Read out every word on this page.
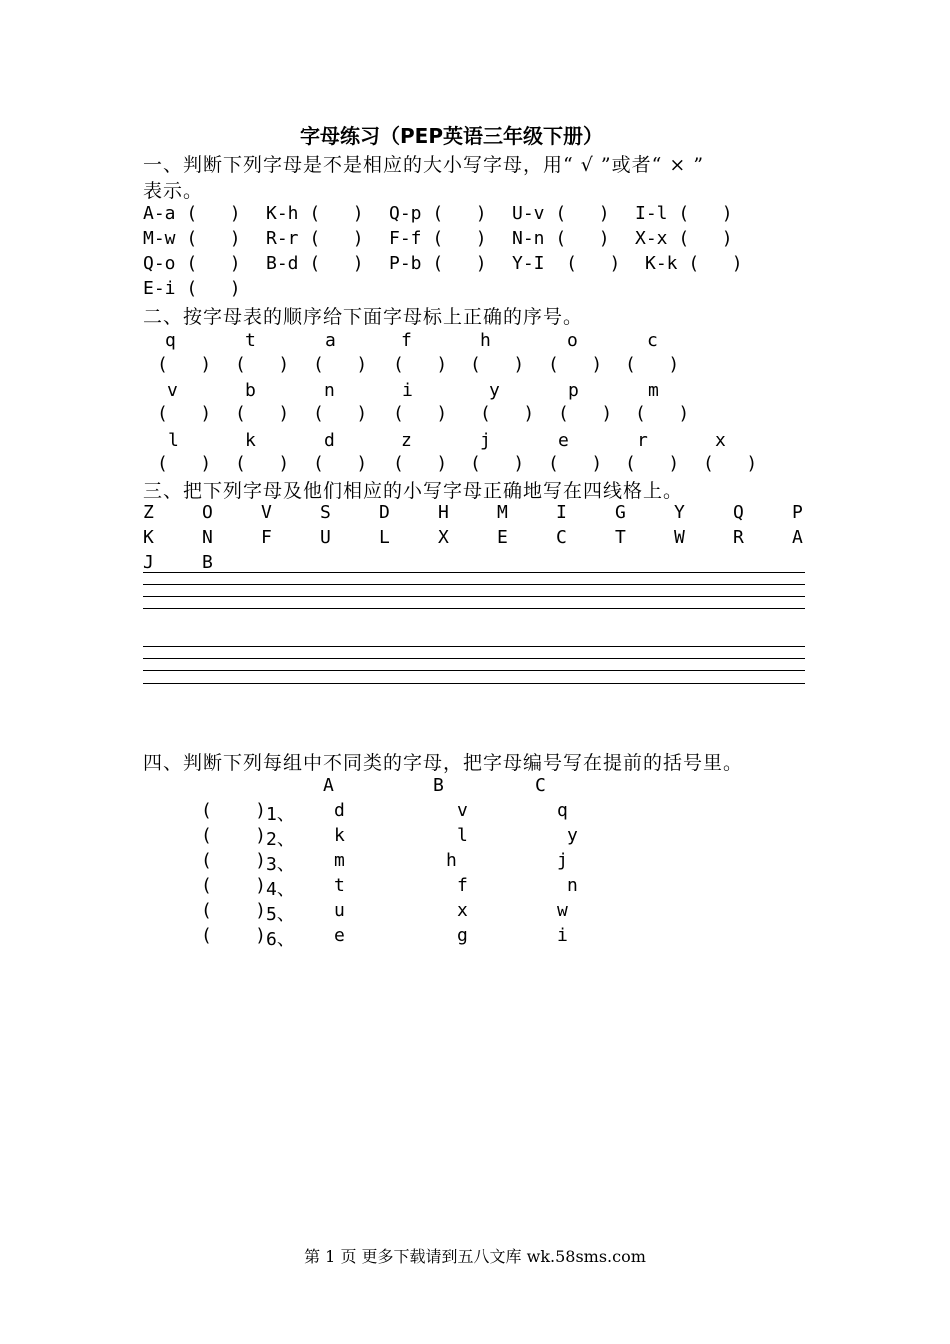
字母练习（PEP英语三年级下册）
一、判断下列字母是不是相应的大小写字母，用“ √ ”或者“ × ”
表示。
A-a (   ) K-h (   ) Q-p (   ) U-v (   ) I-l (   )
M-w (   ) R-r (   ) F-f (   ) N-n (   ) X-x (   )
Q-o (   ) B-d (   ) P-b (   ) Y-I  (   ) K-k (   )
E-i (   )
二、按字母表的顺序给下面字母标上正确的序号。
q	t	a	f	h	o	c
(   ) (   ) (   ) (   ) (   ) (   ) (   )
v	b	n	i	y	p	m
(   ) (   ) (   ) (   ) (   ) (   ) (   )
l	k	d	z	j	e	r	x
(   ) (   ) (   ) (   ) (   ) (   ) (   ) (   )
三、把下列字母及他们相应的小写字母正确地写在四线格上。
Z	O	V	S	D	H	M	I	G	Y	Q	P
K	N	F	U	L	X	E	C	T	W	R	A
J	B
四、判断下列每组中不同类的字母，把字母编号写在提前的括号里。
A	B	C
(    ) 1、 d	v	q
(    ) 2、 k	l	y
(    ) 3、 m	h	j
(    ) 4、 t	f	n
(    ) 5、 u	x	w
(    ) 6、 e	g	i
第 1 页 更多下载请到五八文库 wk.58sms.com
